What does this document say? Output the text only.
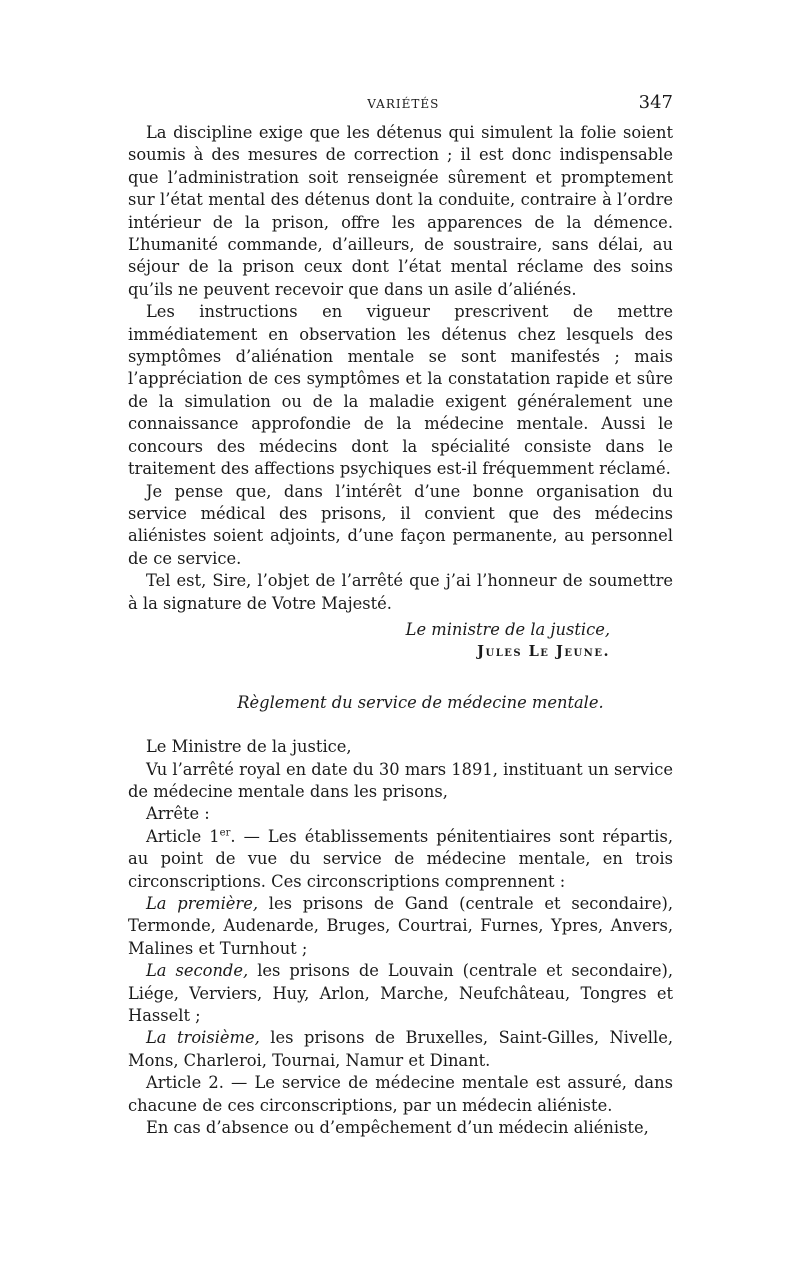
VARIÉTÉS	347

La discipline exige que les détenus qui simulent la folie soient soumis à des mesures de correction ; il est donc indispensable que l’administration soit renseignée sûrement et promptement sur l’état mental des détenus dont la conduite, contraire à l’ordre intérieur de la prison, offre les apparences de la démence. L’humanité commande, d’ailleurs, de soustraire, sans délai, au séjour de la prison ceux dont l’état mental réclame des soins qu’ils ne peuvent recevoir que dans un asile d’aliénés.

Les instructions en vigueur prescrivent de mettre immédiatement en observation les détenus chez lesquels des symptômes d’aliénation mentale se sont manifestés ; mais l’appréciation de ces symptômes et la constatation rapide et sûre de la simulation ou de la maladie exigent généralement une connaissance approfondie de la médecine mentale. Aussi le concours des médecins dont la spécialité consiste dans le traitement des affections psychiques est-il fréquemment réclamé.

Je pense que, dans l’intérêt d’une bonne organisation du service médical des prisons, il convient que des médecins aliénistes soient adjoints, d’une façon permanente, au personnel de ce service.

Tel est, Sire, l’objet de l’arrêté que j’ai l’honneur de soumettre à la signature de Votre Majesté.

Le ministre de la justice,

Jules Le Jeune.

Règlement du service de médecine mentale.

Le Ministre de la justice,

Vu l’arrêté royal en date du 30 mars 1891, instituant un service de médecine mentale dans les prisons,

Arrête :

Article 1er. — Les établissements pénitentiaires sont répartis, au point de vue du service de médecine mentale, en trois circonscriptions. Ces circonscriptions comprennent :

La première, les prisons de Gand (centrale et secondaire), Termonde, Audenarde, Bruges, Courtrai, Furnes, Ypres, Anvers, Malines et Turnhout ;

La seconde, les prisons de Louvain (centrale et secondaire), Liége, Verviers, Huy, Arlon, Marche, Neufchâteau, Tongres et Hasselt ;

La troisième, les prisons de Bruxelles, Saint-Gilles, Nivelle, Mons, Charleroi, Tournai, Namur et Dinant.

Article 2. — Le service de médecine mentale est assuré, dans chacune de ces circonscriptions, par un médecin aliéniste.

En cas d’absence ou d’empêchement d’un médecin aliéniste,
